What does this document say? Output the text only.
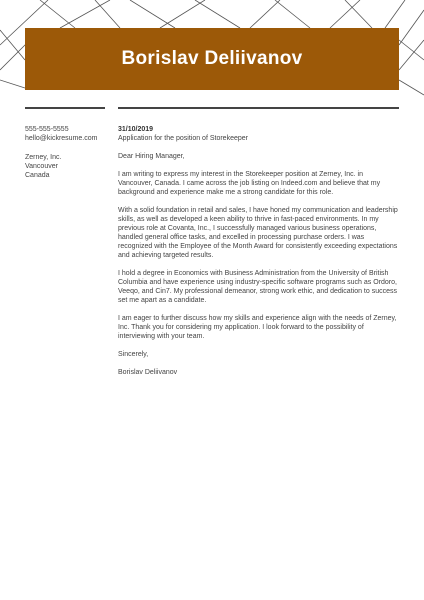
Borislav Deliivanov
555-555-5555
hello@kickresume.com
Zerney, Inc.
Vancouver
Canada
31/10/2019
Application for the position of Storekeeper

Dear Hiring Manager,

I am writing to express my interest in the Storekeeper position at Zerney, Inc. in Vancouver, Canada. I came across the job listing on Indeed.com and believe that my background and experience make me a strong candidate for this role.

With a solid foundation in retail and sales, I have honed my communication and leadership skills, as well as developed a keen ability to thrive in fast-paced environments. In my previous role at Covanta, Inc., I successfully managed various business operations, handled general office tasks, and excelled in processing purchase orders. I was recognized with the Employee of the Month Award for consistently exceeding expectations and achieving targeted results.

I hold a degree in Economics with Business Administration from the University of British Columbia and have experience using industry-specific software programs such as Ordoro, Veeqo, and Cin7. My professional demeanor, strong work ethic, and dedication to success set me apart as a candidate.

I am eager to further discuss how my skills and experience align with the needs of Zerney, Inc. Thank you for considering my application. I look forward to the possibility of interviewing with your team.

Sincerely,

Borislav Deliivanov
